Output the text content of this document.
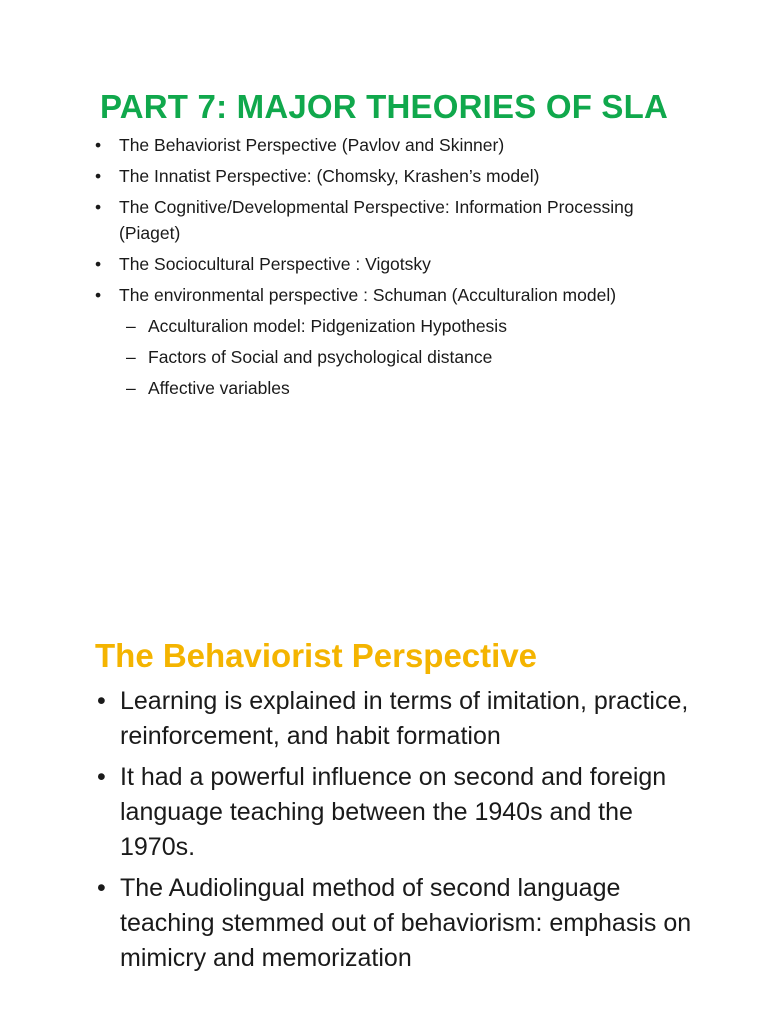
PART 7: MAJOR THEORIES OF SLA
• The Behaviorist Perspective (Pavlov and Skinner)
• The Innatist Perspective: (Chomsky, Krashen’s model)
• The Cognitive/Developmental Perspective: Information Processing (Piaget)
• The Sociocultural Perspective : Vigotsky
• The environmental perspective : Schuman (Acculturalion model)
– Acculturalion model: Pidgenization Hypothesis
– Factors of Social and psychological distance
– Affective variables
The Behaviorist Perspective
• Learning is explained in terms of imitation, practice, reinforcement, and habit formation
• It had a powerful influence on second and foreign language teaching between the 1940s and the 1970s.
• The Audiolingual method of second language teaching stemmed out of behaviorism: emphasis on mimicry and memorization
